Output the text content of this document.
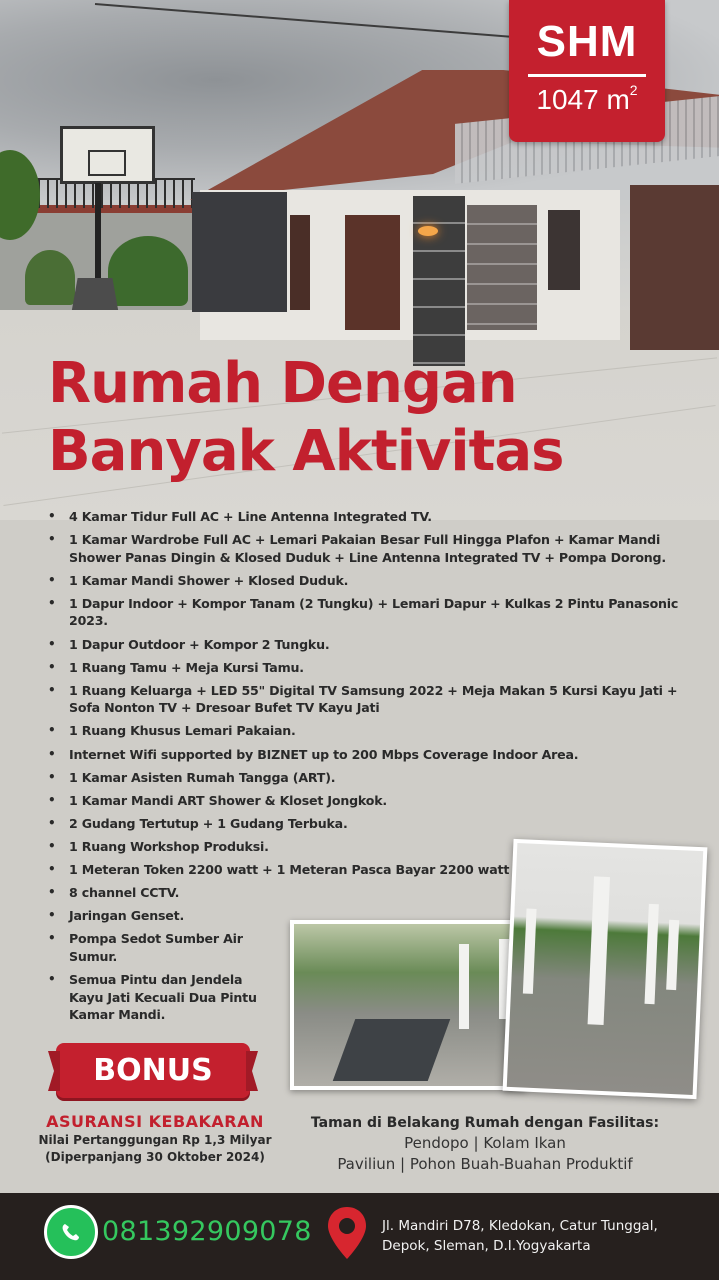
SHM
1047 $m^2$
Rumah Dengan
Banyak Aktivitas
• 4 Kamar Tidur Full AC + Line Antenna Integrated TV.
• 1 Kamar Wardrobe Full AC + Lemari Pakaian Besar Full Hingga Plafon + Kamar Mandi Shower Panas Dingin & Klosed Duduk + Line Antenna Integrated TV + Pompa Dorong.
• 1 Kamar Mandi Shower + Klosed Duduk.
• 1 Dapur Indoor + Kompor Tanam (2 Tungku) + Lemari Dapur + Kulkas 2 Pintu Panasonic 2023.
• 1 Dapur Outdoor + Kompor 2 Tungku.
• 1 Ruang Tamu + Meja Kursi Tamu.
• 1 Ruang Keluarga + LED 55" Digital TV Samsung 2022 + Meja Makan 5 Kursi Kayu Jati + Sofa Nonton TV + Dresoar Bufet TV Kayu Jati
• 1 Ruang Khusus Lemari Pakaian.
• Internet Wifi supported by BIZNET up to 200 Mbps Coverage Indoor Area.
• 1 Kamar Asisten Rumah Tangga (ART).
• 1 Kamar Mandi ART Shower & Kloset Jongkok.
• 2 Gudang Tertutup + 1 Gudang Terbuka.
• 1 Ruang Workshop Produksi.
• 1 Meteran Token 2200 watt + 1 Meteran Pasca Bayar 2200 watt
• 8 channel CCTV.
• Jaringan Genset.
• Pompa Sedot Sumber Air Sumur.
• Semua Pintu dan Jendela Kayu Jati Kecuali Dua Pintu Kamar Mandi.
BONUS
ASURANSI KEBAKARAN
Nilai Pertanggungan Rp 1,3 Milyar
(Diperpanjang 30 Oktober 2024)
Taman di Belakang Rumah dengan Fasilitas:
Pendopo | Kolam Ikan
Paviliun | Pohon Buah-Buahan Produktif
081392909078	Jl. Mandiri D78, Kledokan, Catur Tunggal,
Depok, Sleman, D.I.Yogyakarta
